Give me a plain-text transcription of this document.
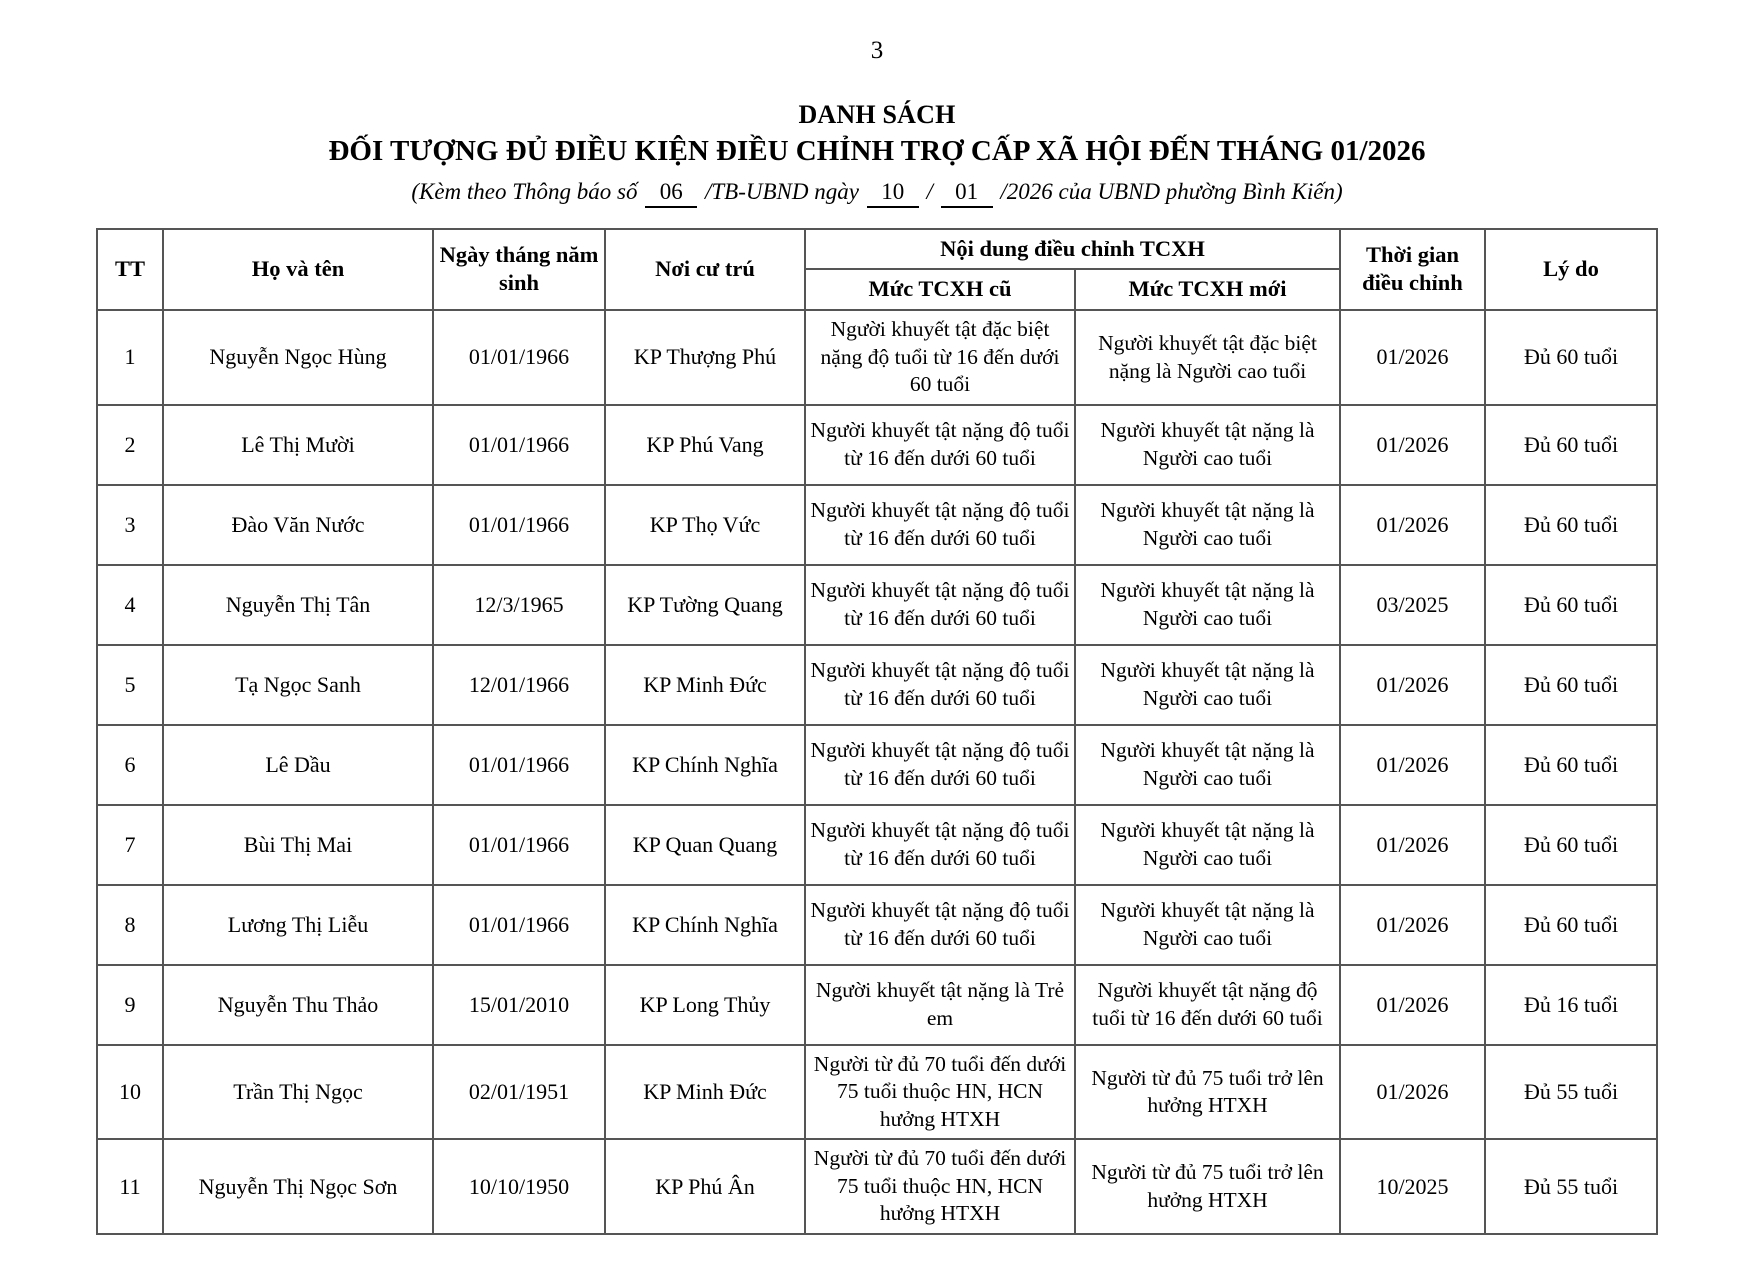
3
DANH SÁCH
ĐỐI TƯỢNG ĐỦ ĐIỀU KIỆN ĐIỀU CHỈNH TRỢ CẤP XÃ HỘI ĐẾN THÁNG 01/2026
(Kèm theo Thông báo số 06 /TB-UBND ngày 10 / 01 /2026 của UBND phường Bình Kiến)
TT	Họ và tên	Ngày tháng năm sinh	Nơi cư trú	Nội dung điều chỉnh TCXH		Thời gian điều chỉnh	Lý do
				Mức TCXH cũ	Mức TCXH mới		
1	Nguyễn Ngọc Hùng	01/01/1966	KP Thượng Phú	Người khuyết tật đặc biệt nặng độ tuổi từ 16 đến dưới 60 tuổi	Người khuyết tật đặc biệt nặng là Người cao tuổi	01/2026	Đủ 60 tuổi
2	Lê Thị Mười	01/01/1966	KP Phú Vang	Người khuyết tật nặng độ tuổi từ 16 đến dưới 60 tuổi	Người khuyết tật nặng là Người cao tuổi	01/2026	Đủ 60 tuổi
3	Đào Văn Nước	01/01/1966	KP Thọ Vức	Người khuyết tật nặng độ tuổi từ 16 đến dưới 60 tuổi	Người khuyết tật nặng là Người cao tuổi	01/2026	Đủ 60 tuổi
4	Nguyễn Thị Tân	12/3/1965	KP Tường Quang	Người khuyết tật nặng độ tuổi từ 16 đến dưới 60 tuổi	Người khuyết tật nặng là Người cao tuổi	03/2025	Đủ 60 tuổi
5	Tạ Ngọc Sanh	12/01/1966	KP Minh Đức	Người khuyết tật nặng độ tuổi từ 16 đến dưới 60 tuổi	Người khuyết tật nặng là Người cao tuổi	01/2026	Đủ 60 tuổi
6	Lê Dầu	01/01/1966	KP Chính Nghĩa	Người khuyết tật nặng độ tuổi từ 16 đến dưới 60 tuổi	Người khuyết tật nặng là Người cao tuổi	01/2026	Đủ 60 tuổi
7	Bùi Thị Mai	01/01/1966	KP Quan Quang	Người khuyết tật nặng độ tuổi từ 16 đến dưới 60 tuổi	Người khuyết tật nặng là Người cao tuổi	01/2026	Đủ 60 tuổi
8	Lương Thị Liễu	01/01/1966	KP Chính Nghĩa	Người khuyết tật nặng độ tuổi từ 16 đến dưới 60 tuổi	Người khuyết tật nặng là Người cao tuổi	01/2026	Đủ 60 tuổi
9	Nguyễn Thu Thảo	15/01/2010	KP Long Thủy	Người khuyết tật nặng là Trẻ em	Người khuyết tật nặng độ tuổi từ 16 đến dưới 60 tuổi	01/2026	Đủ 16 tuổi
10	Trần Thị Ngọc	02/01/1951	KP Minh Đức	Người từ đủ 70 tuổi đến dưới 75 tuổi thuộc HN, HCN hưởng HTXH	Người từ đủ 75 tuổi trở lên hưởng HTXH	01/2026	Đủ 55 tuổi
11	Nguyễn Thị Ngọc Sơn	10/10/1950	KP Phú Ân	Người từ đủ 70 tuổi đến dưới 75 tuổi thuộc HN, HCN hưởng HTXH	Người từ đủ 75 tuổi trở lên hưởng HTXH	10/2025	Đủ 55 tuổi
